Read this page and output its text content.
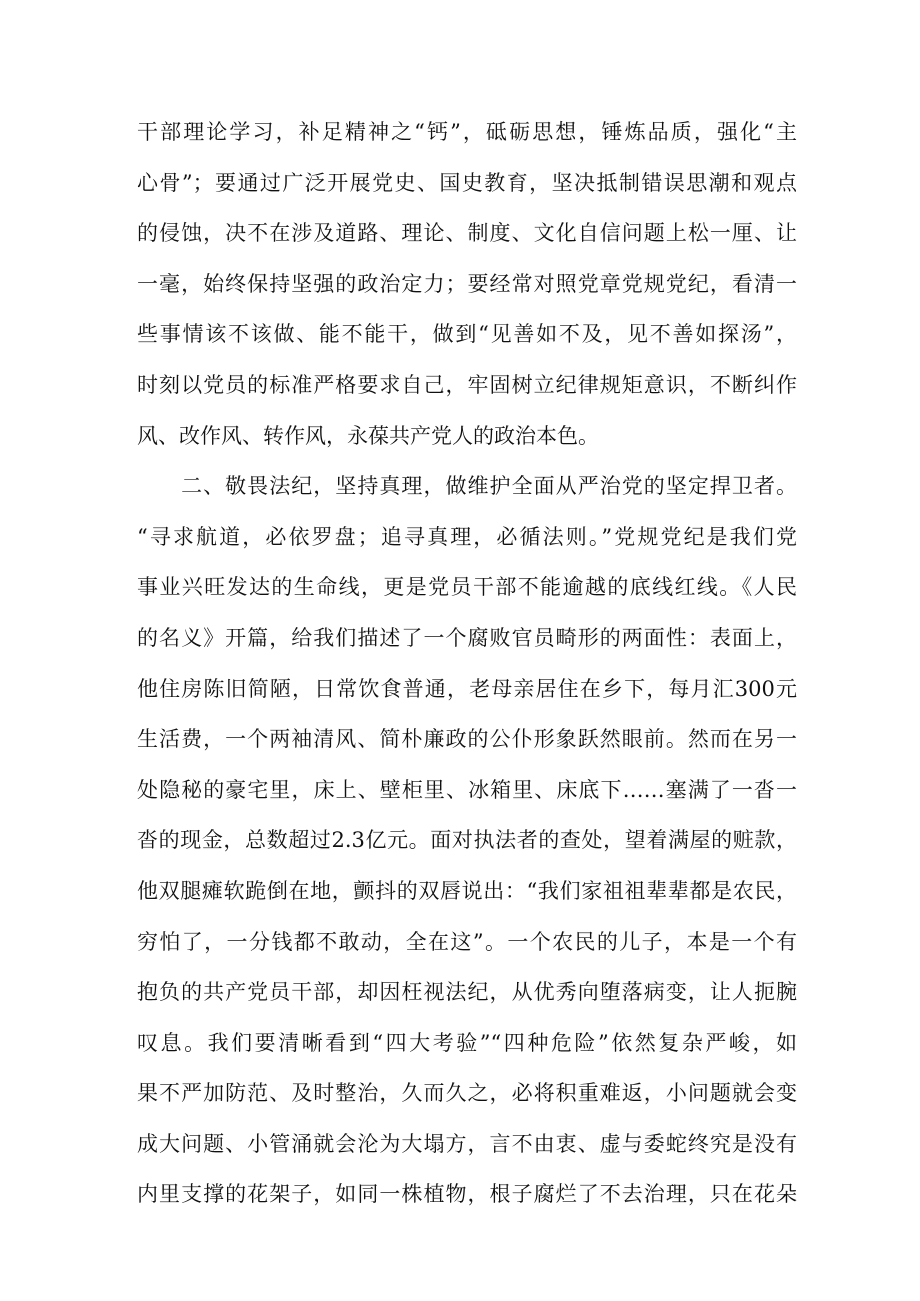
干部理论学习，补足精神之“钙”，砥砺思想，锤炼品质，强化“主
心骨”；要通过广泛开展党史、国史教育，坚决抵制错误思潮和观点
的侵蚀，决不在涉及道路、理论、制度、文化自信问题上松一厘、让
一毫，始终保持坚强的政治定力；要经常对照党章党规党纪，看清一
些事情该不该做、能不能干，做到“见善如不及，见不善如探汤”，
时刻以党员的标准严格要求自己，牢固树立纪律规矩意识，不断纠作
风、改作风、转作风，永葆共产党人的政治本色。
　　二、敬畏法纪，坚持真理，做维护全面从严治党的坚定捍卫者。
“寻求航道，必依罗盘；追寻真理，必循法则。”党规党纪是我们党
事业兴旺发达的生命线，更是党员干部不能逾越的底线红线。《人民
的名义》开篇，给我们描述了一个腐败官员畸形的两面性：表面上，
他住房陈旧简陋，日常饮食普通，老母亲居住在乡下，每月汇300元
生活费，一个两袖清风、简朴廉政的公仆形象跃然眼前。然而在另一
处隐秘的豪宅里，床上、壁柜里、冰箱里、床底下……塞满了一沓一
沓的现金，总数超过2.3亿元。面对执法者的查处，望着满屋的赃款，
他双腿瘫软跪倒在地，颤抖的双唇说出：“我们家祖祖辈辈都是农民，
穷怕了，一分钱都不敢动，全在这”。一个农民的儿子，本是一个有
抱负的共产党员干部，却因枉视法纪，从优秀向堕落病变，让人扼腕
叹息。我们要清晰看到“四大考验”“四种危险”依然复杂严峻，如
果不严加防范、及时整治，久而久之，必将积重难返，小问题就会变
成大问题、小管涌就会沦为大塌方，言不由衷、虚与委蛇终究是没有
内里支撑的花架子，如同一株植物，根子腐烂了不去治理，只在花朵
